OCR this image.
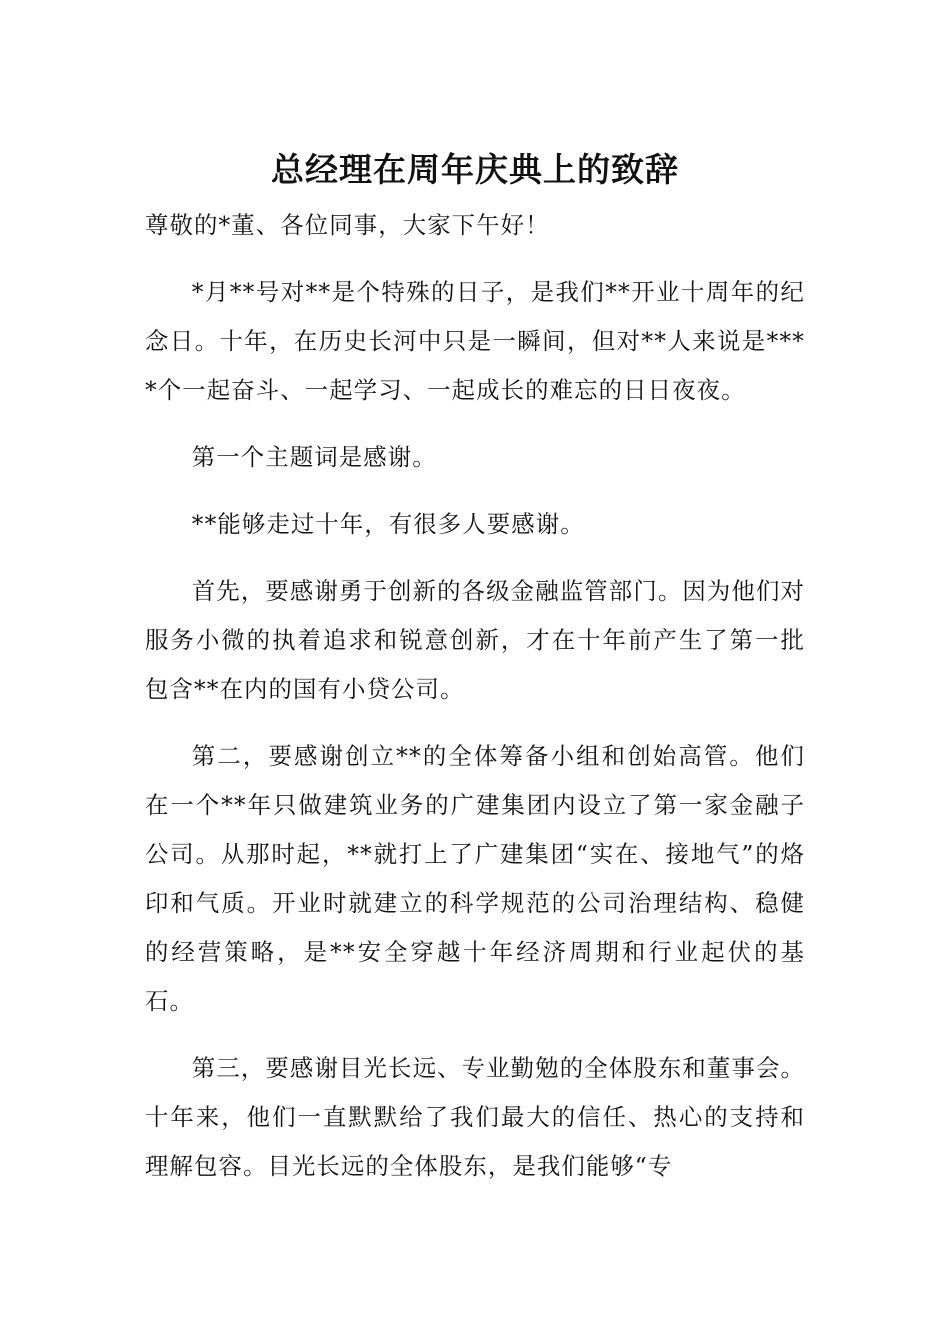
总经理在周年庆典上的致辞

尊敬的*董、各位同事，大家下午好！

*月**号对**是个特殊的日子，是我们**开业十周年的纪念日。十年，在历史长河中只是一瞬间，但对**人来说是****个一起奋斗、一起学习、一起成长的难忘的日日夜夜。

第一个主题词是感谢。

**能够走过十年，有很多人要感谢。

首先，要感谢勇于创新的各级金融监管部门。因为他们对服务小微的执着追求和锐意创新，才在十年前产生了第一批包含**在内的国有小贷公司。

第二，要感谢创立**的全体筹备小组和创始高管。他们在一个**年只做建筑业务的广建集团内设立了第一家金融子公司。从那时起，**就打上了广建集团“实在、接地气”的烙印和气质。开业时就建立的科学规范的公司治理结构、稳健的经营策略，是**安全穿越十年经济周期和行业起伏的基石。

第三，要感谢目光长远、专业勤勉的全体股东和董事会。十年来，他们一直默默给了我们最大的信任、热心的支持和理解包容。目光长远的全体股东，是我们能够“专
